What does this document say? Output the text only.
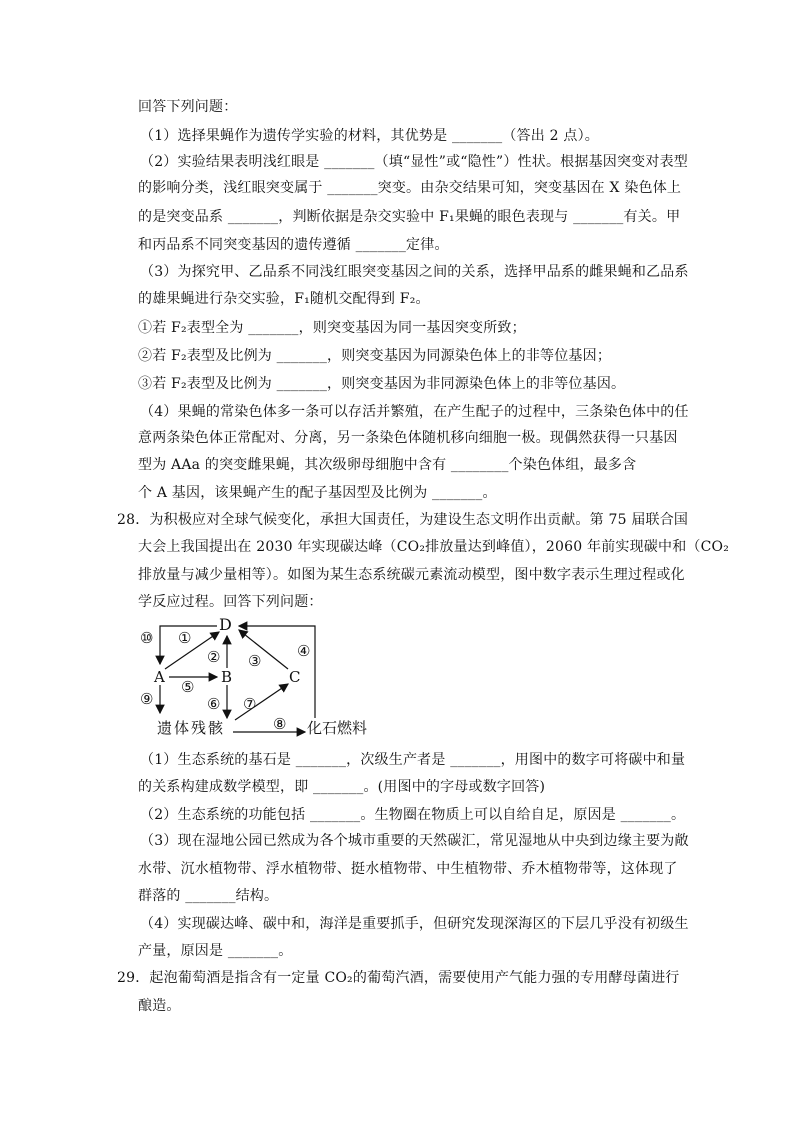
回答下列问题：
（1）选择果蝇作为遗传学实验的材料，其优势是 _______（答出 2 点）。
（2）实验结果表明浅红眼是 _______（填“显性”或“隐性”）性状。根据基因突变对表型
的影响分类，浅红眼突变属于 _______突变。由杂交结果可知，突变基因在 X 染色体上
的是突变品系 _______，判断依据是杂交实验中 F₁果蝇的眼色表现与 _______有关。甲
和丙品系不同突变基因的遗传遵循 _______定律。
（3）为探究甲、乙品系不同浅红眼突变基因之间的关系，选择甲品系的雌果蝇和乙品系
的雄果蝇进行杂交实验，F₁随机交配得到 F₂。
①若 F₂表型全为 _______，则突变基因为同一基因突变所致；
②若 F₂表型及比例为 _______，则突变基因为同源染色体上的非等位基因；
③若 F₂表型及比例为 _______，则突变基因为非同源染色体上的非等位基因。
（4）果蝇的常染色体多一条可以存活并繁殖，在产生配子的过程中，三条染色体中的任
意两条染色体正常配对、分离，另一条染色体随机移向细胞一极。现偶然获得一只基因
型为 AAa 的突变雌果蝇，其次级卵母细胞中含有 ________个染色体组，最多含
个 A 基因，该果蝇产生的配子基因型及比例为 _______。
28．为积极应对全球气候变化，承担大国责任，为建设生态文明作出贡献。第 75 届联合国
大会上我国提出在 2030 年实现碳达峰（CO₂排放量达到峰值），2060 年前实现碳中和（CO₂
排放量与减少量相等）。如图为某生态系统碳元素流动模型，图中数字表示生理过程或化
学反应过程。回答下列问题：
D
A	B	C
遗体残骸	化石燃料
⑩ ①
② ③
④
⑤
⑥ ⑦
⑧
⑨
（1）生态系统的基石是 _______，次级生产者是 _______，用图中的数字可将碳中和量
的关系构建成数学模型，即 _______。(用图中的字母或数字回答)
（2）生态系统的功能包括 _______。生物圈在物质上可以自给自足，原因是 _______。
（3）现在湿地公园已然成为各个城市重要的天然碳汇，常见湿地从中央到边缘主要为敞
水带、沉水植物带、浮水植物带、挺水植物带、中生植物带、乔木植物带等，这体现了
群落的 _______结构。
（4）实现碳达峰、碳中和，海洋是重要抓手，但研究发现深海区的下层几乎没有初级生
产量，原因是 _______。
29．起泡葡萄酒是指含有一定量 CO₂的葡萄汽酒，需要使用产气能力强的专用酵母菌进行
酿造。
